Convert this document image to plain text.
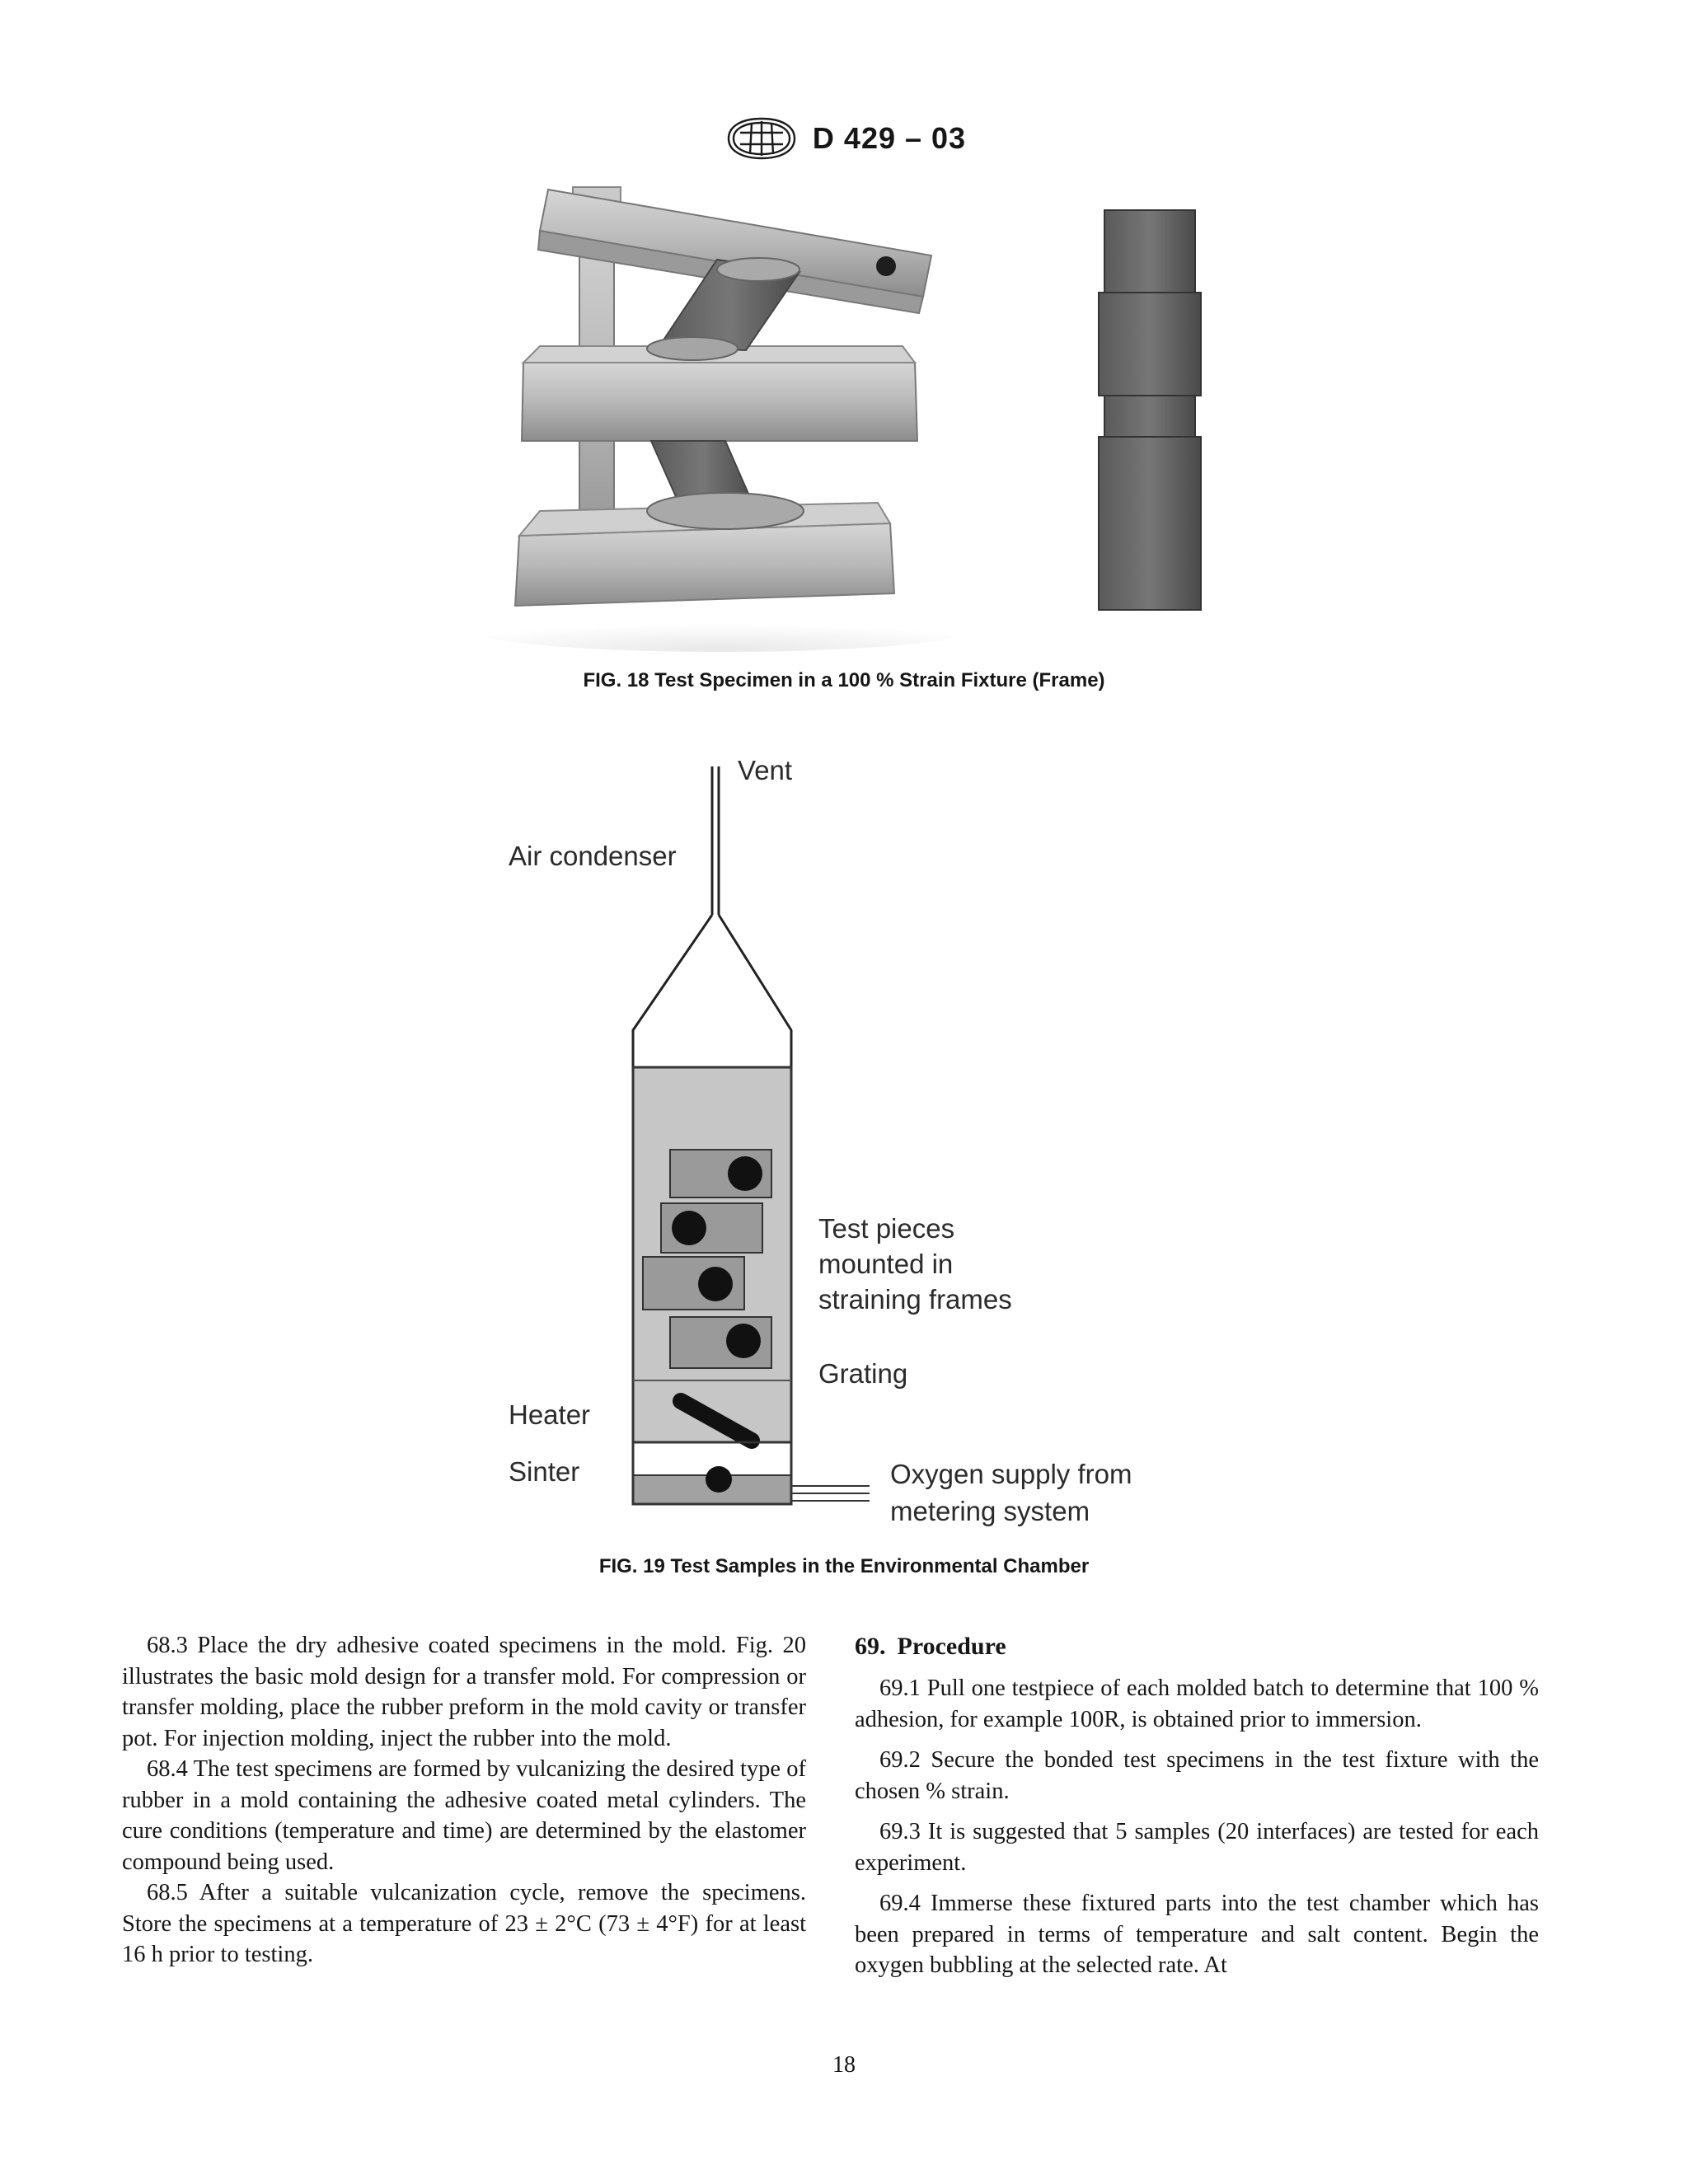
D 429 – 03
FIG. 18 Test Specimen in a 100 % Strain Fixture (Frame)
Vent
Air condenser
Test pieces
mounted in
straining frames
Grating
Heater
Sinter	Oxygen supply from
metering system
FIG. 19 Test Samples in the Environmental Chamber

68.3 Place the dry adhesive coated specimens in the mold. Fig. 20 illustrates the basic mold design for a transfer mold. For compression or transfer molding, place the rubber preform in the mold cavity or transfer pot. For injection molding, inject the rubber into the mold.

68.4 The test specimens are formed by vulcanizing the desired type of rubber in a mold containing the adhesive coated metal cylinders. The cure conditions (temperature and time) are determined by the elastomer compound being used.

68.5 After a suitable vulcanization cycle, remove the specimens. Store the specimens at a temperature of 23 ± 2°C (73 ± 4°F) for at least 16 h prior to testing.

69. Procedure

69.1 Pull one testpiece of each molded batch to determine that 100 % adhesion, for example 100R, is obtained prior to immersion.

69.2 Secure the bonded test specimens in the test fixture with the chosen % strain.

69.3 It is suggested that 5 samples (20 interfaces) are tested for each experiment.

69.4 Immerse these fixtured parts into the test chamber which has been prepared in terms of temperature and salt content. Begin the oxygen bubbling at the selected rate. At

18
